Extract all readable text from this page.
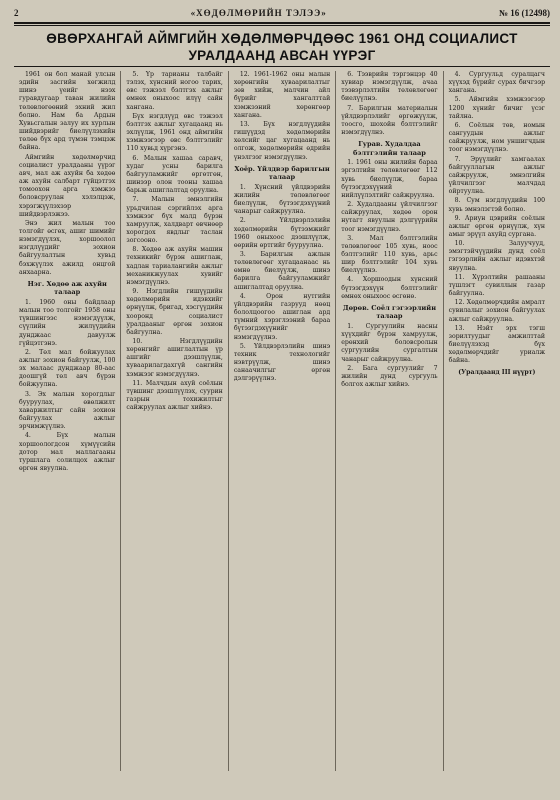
2	«ХӨДӨЛМӨРИЙН ТЭЛЭЭ»	№ 16 (12498)
ӨВӨРХАНГАЙ АЙМГИЙН ХӨДӨЛМӨРЧДӨӨС 1961 ОНД СОЦИАЛИСТ УРАЛДААНД АВСАН ҮҮРЭГ

1961 он бол манай улсын эдийн засгийн хөгжилд шинэ үеийг нээх гуравдугаар таван жилийн төлөвлөгөөний эхний жил болно. Нам ба Ардын Хувьсгалын залуу их хурлын шийдвэрийг биелүүлэхийн төлөө бүх ард түмэн тэмцэж байна.

Аймгийн хөдөлмөрчид социалист уралдааны үүрэг авч, мал аж ахуйн ба хөдөө аж ахуйн салбарт гүйцэтгэх томоохон арга хэмжээ боловсруулан хэлэлцэж, хэрэгжүүлэхээр шийдвэрлэжээ.

Энэ жил малын тоо толгойг өсгөх, ашиг шимийг нэмэгдүүлэх, хоршоолол нэгдлүүдийг зохион байгуулалтын хувьд бэхжүүлэх ажилд онцгой анхаарна.

Нэг. Хөдөө аж ахуйн талаар

1. 1960 оны байдлаар малын тоо толгойг 1958 оны түвшингээс нэмэгдүүлж, сүүлийн жилүүдийн дунджаас давуулж гүйцэтгэнэ.

2. Төл мал бойжуулах ажлыг зохион байгуулж, 100 эх малаас дунджаар 80-аас доошгүй төл авч бүрэн бойжуулна.

3. Эх малын хорогдлыг бууруулах, өвөлжилт хаваржилтыг сайн зохион байгуулах ажлыг эрчимжүүлнэ.

4. Бүх малын хоршоологдсон хүмүүсийн дотор мал маллагааны туршлага солилцох ажлыг өргөн явуулна.

5. Үр тарианы талбайг тэлэх, хүнсний ногоо тарих, өвс тэжээл бэлтгэх ажлыг өмнөх оныхоос илүү сайн хангана.

Бүх нэгдлүүд өвс тэжээл бэлтгэх ажлыг хугацаанд нь эхлүүлж, 1961 онд аймгийн хэмжээгээр өвс бэлтгэлийг 110 хувьд хүргэнэ.

6. Малын хашаа саравч, худаг усны барилга байгууламжийг өргөтгөн, шинээр олон тооны хашаа барьж ашиглалтад оруулна.

7. Малын эмнэлгийн урьдчилан сэргийлэх арга хэмжээг бүх малд бүрэн хамруулж, халдварт өвчнөөр хорогдох явдлыг таслан зогсооно.

8. Хөдөө аж ахуйн машин техникийг бүрэн ашиглаж, хадлан тариалангийн ажлыг механикжуулах хувийг нэмэгдүүлнэ.

9. Нэгдлийн гишүүдийн хөдөлмөрийн идэвхийг өрнүүлж, бригад, хэсгүүдийн хооронд социалист уралдааныг өргөн зохион байгуулна.

10. Нэгдлүүдийн хөрөнгийг ашиглалтын үр ашгийг дээшлүүлж, хуваарилагдахгүй сангийн хэмжээг нэмэгдүүлнэ.

11. Малчдын ахуй соёлын түвшинг дээшлүүлэх, суурин газрын тохижилтыг сайжруулах ажлыг хийнэ.

12. 1961-1962 оны малын хөрөнгийн хуваарилалтыг зөв хийж, малчин айл бүрийг хангалттай хэмжээний хөрөнгөөр хангана.

13. Бүх нэгдлүүдийн гишүүдэд хөдөлмөрийн хөлсийг цаг хугацаанд нь олгож, хөдөлмөрийн өдрийн үнэлгээг нэмэгдүүлнэ.

Хоёр. Үйлдвэр барилгын талаар

1. Хүнсний үйлдвэрийн жилийн төлөвлөгөөг биелүүлж, бүтээгдэхүүний чанарыг сайжруулна.

2. Үйлдвэрлэлийн хөдөлмөрийн бүтээмжийг 1960 оныхоос дээшлүүлж, өөрийн өртгийг бууруулна.

3. Барилгын ажлын төлөвлөгөөг хугацаанаас нь өмнө биелүүлж, шинэ барилга байгууламжийг ашиглалтад оруулна.

4. Орон нутгийн үйлдвэрийн газрууд нөөц бололцоогоо ашиглан ард түмний хэрэглээний бараа бүтээгдэхүүнийг нэмэгдүүлнэ.

5. Үйлдвэрлэлийн шинэ техник технологийг нэвтрүүлж, шинэ санаачилгыг өргөн дэлгэрүүлнэ.

6. Тээврийн тэргэнцэр 40 хувиар нэмэгдүүлж, ачаа тээвэрлэлтийн төлөвлөгөөг биелүүлнэ.

7. Барилгын материалын үйлдвэрлэлийг өргөжүүлж, тоосго, шохойн бэлтгэлийг нэмэгдүүлнэ.

Гурав. Худалдаа бэлтгэлийн талаар

1. 1961 оны жилийн бараа эргэлтийн төлөвлөгөөг 112 хувь биелүүлж, бараа бүтээгдэхүүний нийлүүлэлтийг сайжруулна.

2. Худалдааны үйлчилгээг сайжруулах, хөдөө орон нутагт явуулын дэлгүүрийн тоог нэмэгдүүлнэ.

3. Мал бэлтгэлийн төлөвлөгөөг 105 хувь, ноос бэлтгэлийг 110 хувь, арьс шир бэлтгэлийг 104 хувь биелүүлнэ.

4. Хоршоодын хүнсний бүтээгдэхүүн бэлтгэлийг өмнөх оныхоос өсгөнө.

Дөрөв. Соёл гэгээрлийн талаар

1. Сургуулийн насны хүүхдийг бүрэн хамруулж, ерөнхий боловсролын сургуулийн сургалтын чанарыг сайжруулна.

2. Бага сургуулийг 7 жилийн дунд сургууль болгох ажлыг хийнэ.

4. Сургуульд суралцагч хүүхэд бүрийг сурах бичгээр хангана.

5. Аймгийн хэмжээгээр 1200 хүнийг бичиг үсэг тайлна.

6. Соёлын төв, номын сангуудын ажлыг сайжруулж, ном уншигчдын тоог нэмэгдүүлнэ.

7. Эрүүлийг хамгаалах байгууллагын ажлыг сайжруулж, эмнэлгийн үйлчилгээг малчдад ойртуулна.

8. Сум нэгдлүүдийн 100 хувь эмнэлэгтэй болно.

9. Ариун цэврийн соёлын ажлыг өргөн өрнүүлж, хүн амыг эрүүл ахуйд сургана.

10. Залуучууд, эмэгтэйчүүдийн дунд соёл гэгээрлийн ажлыг идэвхтэй явуулна.

11. Хүрэлтийн рашааны түшлэгт сувиллын газар байгуулна.

12. Хөдөлмөрчдийн амралт сувилалыг зохион байгуулах ажлыг сайжруулна.

13. Нэйт эрх тэгш зорилтуудыг амжилттай биелүүлэхэд бүх хөдөлмөрчдийг уриалж байна.

(Уралдаанд III нүүрт)
